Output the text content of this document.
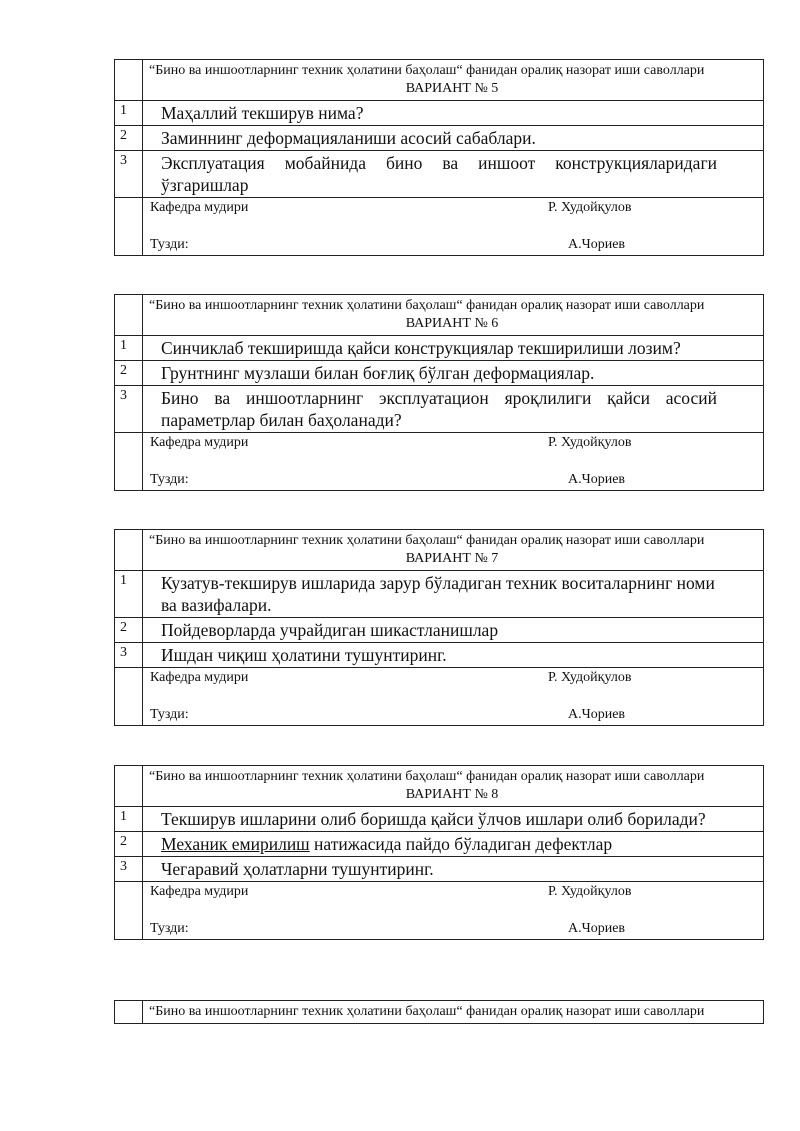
	“Бино ва иншоотларнинг техник ҳолатини баҳолаш“ фанидан оралиқ назорат иши саволлари
ВАРИАНТ № 5

1	Маҳаллий текширув нима?
2	Заминнинг деформацияланиши асосий сабаблари.
3	Эксплуатация мобайнида бино ва иншоот конструкцияларидаги ўзгаришлар

	Кафедра мудири Р. Худойқулов
Тузди: А.Чориев

	“Бино ва иншоотларнинг техник ҳолатини баҳолаш“ фанидан оралиқ назорат иши саволлари
ВАРИАНТ № 6

1	Синчиклаб текширишда қайси конструкциялар текширилиши лозим?
2	Грунтнинг музлаши билан боғлиқ бўлган деформациялар.
3	Бино ва иншоотларнинг эксплуатацион яроқлилиги қайси асосий параметрлар билан баҳоланади?

	Кафедра мудири Р. Худойқулов
Тузди: А.Чориев

	“Бино ва иншоотларнинг техник ҳолатини баҳолаш“ фанидан оралиқ назорат иши саволлари
ВАРИАНТ № 7

1	Кузатув-текширув ишларида зарур бўладиган техник воситаларнинг номи ва вазифалари.
2	Пойдеворларда учрайдиган шикастланишлар
3	Ишдан чиқиш ҳолатини тушунтиринг.

	Кафедра мудири Р. Худойқулов
Тузди: А.Чориев

	“Бино ва иншоотларнинг техник ҳолатини баҳолаш“ фанидан оралиқ назорат иши саволлари
ВАРИАНТ № 8

1	Текширув ишларини олиб боришда қайси ўлчов ишлари олиб борилади?
2	Механик емирилиш натижасида пайдо бўладиган дефектлар
3	Чегаравий ҳолатларни тушунтиринг.

	Кафедра мудири Р. Худойқулов
Тузди: А.Чориев

“Бино ва иншоотларнинг техник ҳолатини баҳолаш“ фанидан оралиқ назорат иши саволлари
